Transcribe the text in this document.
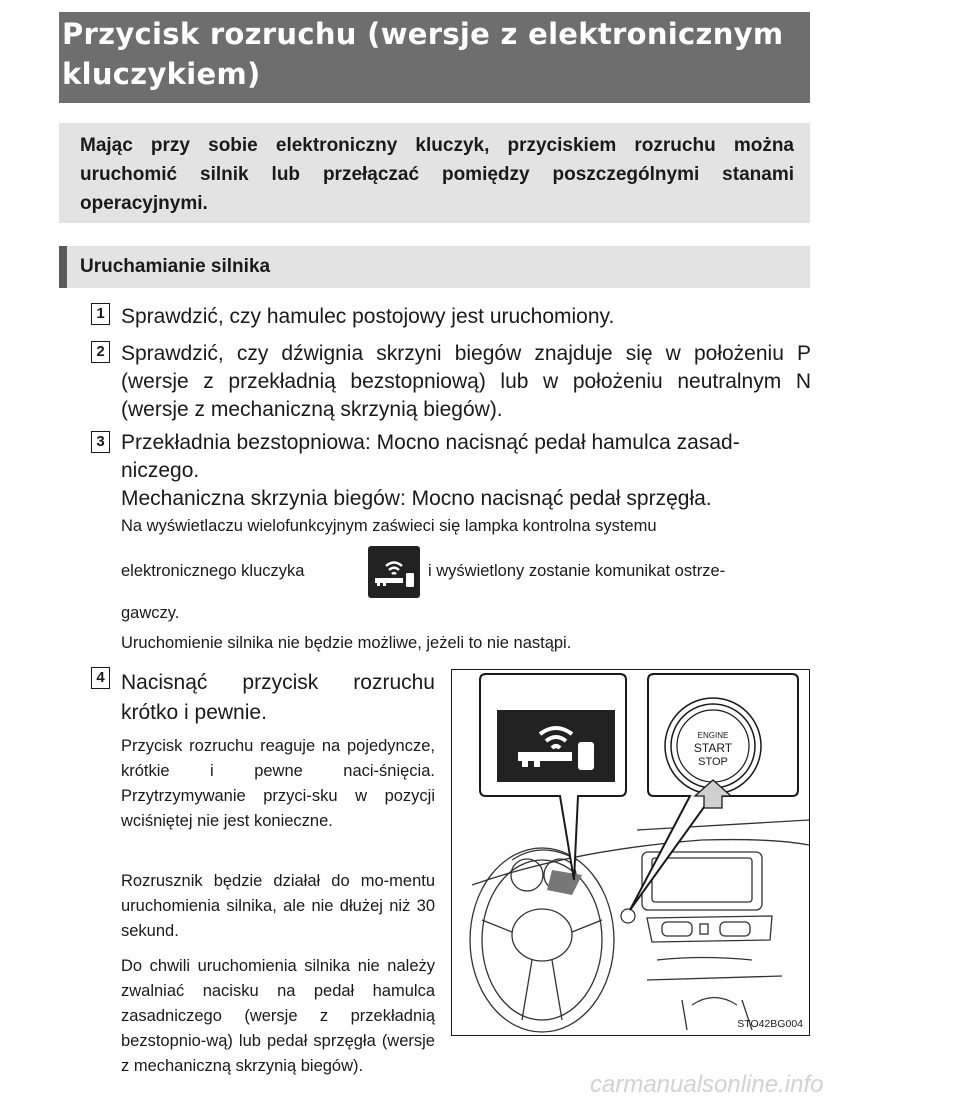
Przycisk rozruchu (wersje z elektronicznym
kluczykiem)

Mając przy sobie elektroniczny kluczyk, przyciskiem rozruchu można uruchomić silnik lub przełączać pomiędzy poszczególnymi stanami operacyjnymi.

Uruchamianie silnika
1 Sprawdzić, czy hamulec postojowy jest uruchomiony.

2 Sprawdzić, czy dźwignia skrzyni biegów znajduje się w położeniu P (wersje z przekładnią bezstopniową) lub w położeniu neutralnym N (wersje z mechaniczną skrzynią biegów).

3 Przekładnia bezstopniowa: Mocno nacisnąć pedał hamulca zasad-
niczego.
Mechaniczna skrzynia biegów: Mocno nacisnąć pedał sprzęgła.

Na wyświetlaczu wielofunkcyjnym zaświeci się lampka kontrolna systemu

elektronicznego kluczyka	i wyświetlony zostanie komunikat ostrze-

gawczy.

Uruchomienie silnika nie będzie możliwe, jeżeli to nie nastąpi.

4 Nacisnąć przycisk rozruchu
krótko i pewnie.

Przycisk rozruchu reaguje na pojedyncze, krótkie i pewne naci-śnięcia. Przytrzymywanie przyci-sku w pozycji wciśniętej nie jest konieczne.

Rozrusznik będzie działał do mo-mentu uruchomienia silnika, ale nie dłużej niż 30 sekund.

Do chwili uruchomienia silnika nie należy zwalniać nacisku na pedał hamulca zasadniczego (wersje z przekładnią bezstopnio-wą) lub pedał sprzęgła (wersje z mechaniczną skrzynią biegów).

ENGINE
START
STOP
STO42BG004
carmanualsonline.info
